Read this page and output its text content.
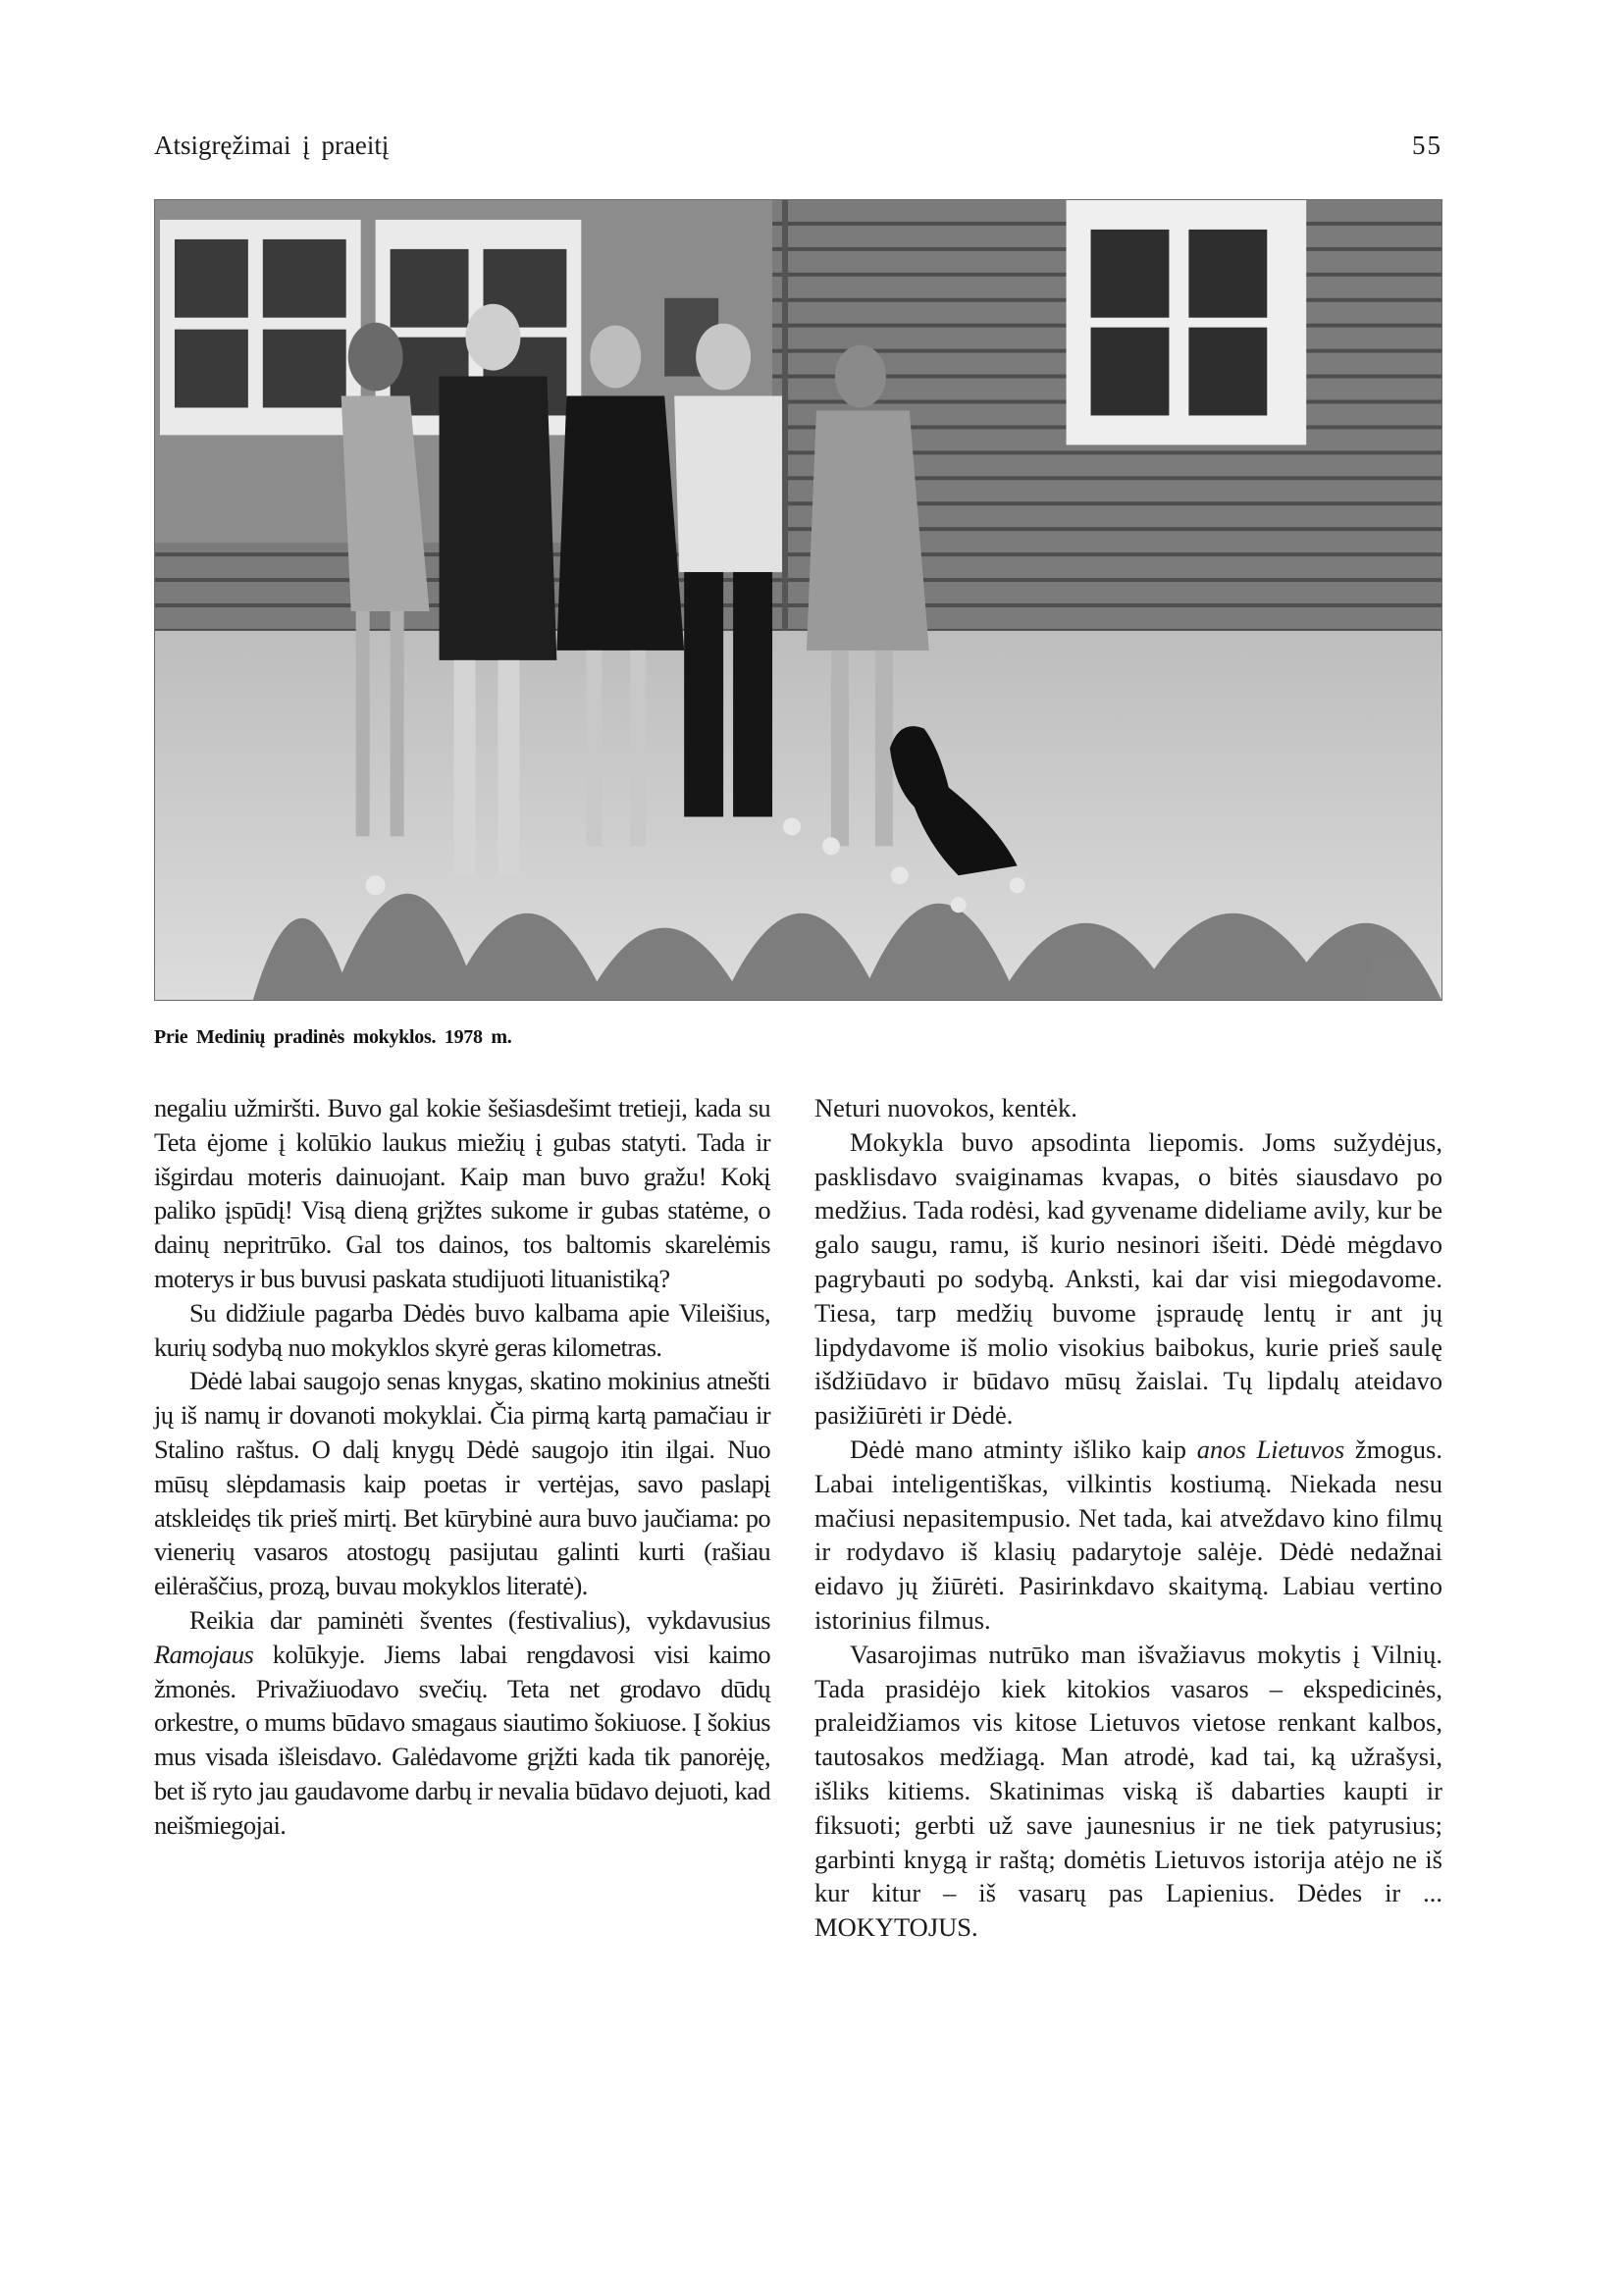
Atsigręžimai į praeitį	55
Prie Medinių pradinės mokyklos. 1978 m.

negaliu užmiršti. Buvo gal kokie šešiasdešimt tretieji, kada su Teta ėjome į kolūkio laukus miežių į gubas statyti. Tada ir išgirdau moteris dainuojant. Kaip man buvo gražu! Kokį paliko įspūdį! Visą dieną grįžtes sukome ir gubas statėme, o dainų nepritrūko. Gal tos dainos, tos baltomis skarelėmis moterys ir bus buvusi paskata studijuoti lituanistiką?

Su didžiule pagarba Dėdės buvo kalbama apie Vileišius, kurių sodybą nuo mokyklos skyrė geras kilometras.

Dėdė labai saugojo senas knygas, skatino mokinius atnešti jų iš namų ir dovanoti mokyklai. Čia pirmą kartą pamačiau ir Stalino raštus. O dalį knygų Dėdė saugojo itin ilgai. Nuo mūsų slėpdamasis kaip poetas ir vertėjas, savo paslapį atskleidęs tik prieš mirtį. Bet kūrybinė aura buvo jaučiama: po vienerių vasaros atostogų pasijutau galinti kurti (rašiau eilėraščius, prozą, buvau mokyklos literatė).

Reikia dar paminėti šventes (festivalius), vykdavusius Ramojaus kolūkyje. Jiems labai rengdavosi visi kaimo žmonės. Privažiuodavo svečių. Teta net grodavo dūdų orkestre, o mums būdavo smagaus siautimo šokiuose. Į šokius mus visada išleisdavo. Galėdavome grįžti kada tik panorėję, bet iš ryto jau gaudavome darbų ir nevalia būdavo dejuoti, kad neišmiegojai.

Neturi nuovokos, kentėk.

Mokykla buvo apsodinta liepomis. Joms sužydėjus, pasklisdavo svaiginamas kvapas, o bitės siausdavo po medžius. Tada rodėsi, kad gyvename dideliame avily, kur be galo saugu, ramu, iš kurio nesinori išeiti. Dėdė mėgdavo pagrybauti po sodybą. Anksti, kai dar visi miegodavome. Tiesa, tarp medžių buvome įspraudę lentų ir ant jų lipdydavome iš molio visokius baibokus, kurie prieš saulę išdžiūdavo ir būdavo mūsų žaislai. Tų lipdalų ateidavo pasižiūrėti ir Dėdė.

Dėdė mano atminty išliko kaip anos Lietuvos žmogus. Labai inteligentiškas, vilkintis kostiumą. Niekada nesu mačiusi nepasitempusio. Net tada, kai atveždavo kino filmų ir rodydavo iš klasių padarytoje salėje. Dėdė nedažnai eidavo jų žiūrėti. Pasirinkdavo skaitymą. Labiau vertino istorinius filmus.

Vasarojimas nutrūko man išvažiavus mokytis į Vilnių. Tada prasidėjo kiek kitokios vasaros – ekspedicinės, praleidžiamos vis kitose Lietuvos vietose renkant kalbos, tautosakos medžiagą. Man atrodė, kad tai, ką užrašysi, išliks kitiems. Skatinimas viską iš dabarties kaupti ir fiksuoti; gerbti už save jaunesnius ir ne tiek patyrusius; garbinti knygą ir raštą; domėtis Lietuvos istorija atėjo ne iš kur kitur – iš vasarų pas Lapienius. Dėdes ir ... MOKYTOJUS.
